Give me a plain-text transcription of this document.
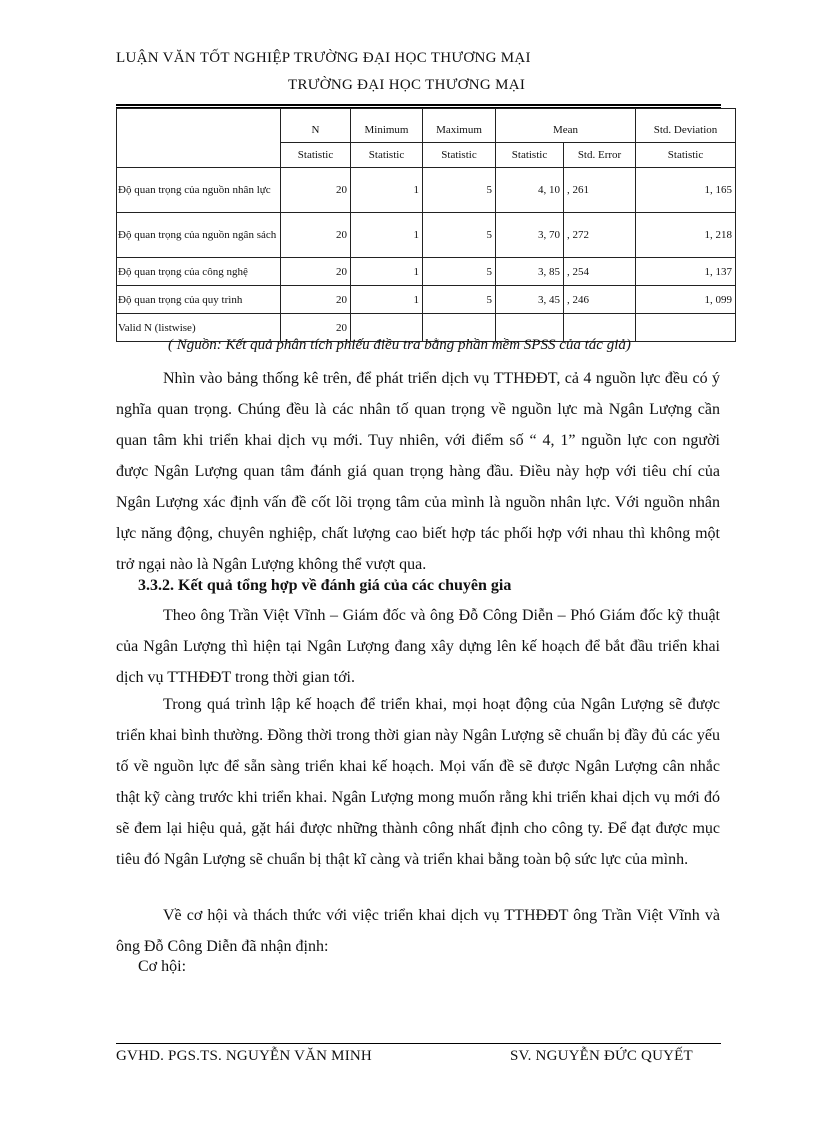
LUẬN VĂN TỐT NGHIỆP TRƯỜNG ĐẠI HỌC THƯƠNG MẠI
TRƯỜNG ĐẠI HỌC THƯƠNG MẠI
	N	Minimum	Maximum	Mean		Std. Deviation
	Statistic	Statistic	Statistic	Statistic	Std. Error	Statistic
Độ quan trọng của nguồn nhân lực	20	1	5	4, 10	, 261	1, 165
Độ quan trọng của nguồn ngân sách	20	1	5	3, 70	, 272	1, 218
Độ quan trọng của công nghệ	20	1	5	3, 85	, 254	1, 137
Độ quan trọng của quy trình	20	1	5	3, 45	, 246	1, 099
Valid N (listwise)	20					
( Nguồn: Kết quả phân tích phiếu điều tra bằng phần mềm SPSS của tác giả)
Nhìn vào bảng thống kê trên, để phát triển dịch vụ TTHĐĐT, cả 4 nguồn lực đều có ý nghĩa quan trọng. Chúng đều là các nhân tố quan trọng về nguồn lực mà Ngân Lượng cần quan tâm khi triển khai dịch vụ mới. Tuy nhiên, với điểm số “ 4, 1” nguồn lực con người được Ngân Lượng quan tâm đánh giá quan trọng hàng đầu. Điều này hợp với tiêu chí của Ngân Lượng xác định vấn đề cốt lõi trọng tâm của mình là nguồn nhân lực. Với nguồn nhân lực năng động, chuyên nghiệp, chất lượng cao biết hợp tác phối hợp với nhau thì không một trở ngại nào là Ngân Lượng không thể vượt qua.
3.3.2. Kết quả tổng hợp về đánh giá của các chuyên gia
Theo ông Trần Việt Vĩnh – Giám đốc và ông Đỗ Công Diễn – Phó Giám đốc kỹ thuật của Ngân Lượng thì hiện tại Ngân Lượng đang xây dựng lên kế hoạch để bắt đầu triển khai dịch vụ TTHĐĐT trong thời gian tới.
Trong quá trình lập kế hoạch để triển khai, mọi hoạt động của Ngân Lượng sẽ được triển khai bình thường. Đồng thời trong thời gian này Ngân Lượng sẽ chuẩn bị đầy đủ các yếu tố về nguồn lực để sẵn sàng triển khai kế hoạch. Mọi vấn đề sẽ được Ngân Lượng cân nhắc thật kỹ càng trước khi triển khai. Ngân Lượng mong muốn rằng khi triển khai dịch vụ mới đó sẽ đem lại hiệu quả, gặt hái được những thành công nhất định cho công ty. Để đạt được mục tiêu đó Ngân Lượng sẽ chuẩn bị thật kĩ càng và triển khai bằng toàn bộ sức lực của mình.
Về cơ hội và thách thức với việc triển khai dịch vụ TTHĐĐT ông Trần Việt Vĩnh và ông Đỗ Công Diễn đã nhận định:
Cơ hội:
GVHD. PGS.TS. NGUYỄN VĂN MINH	SV. NGUYỄN ĐỨC QUYẾT
